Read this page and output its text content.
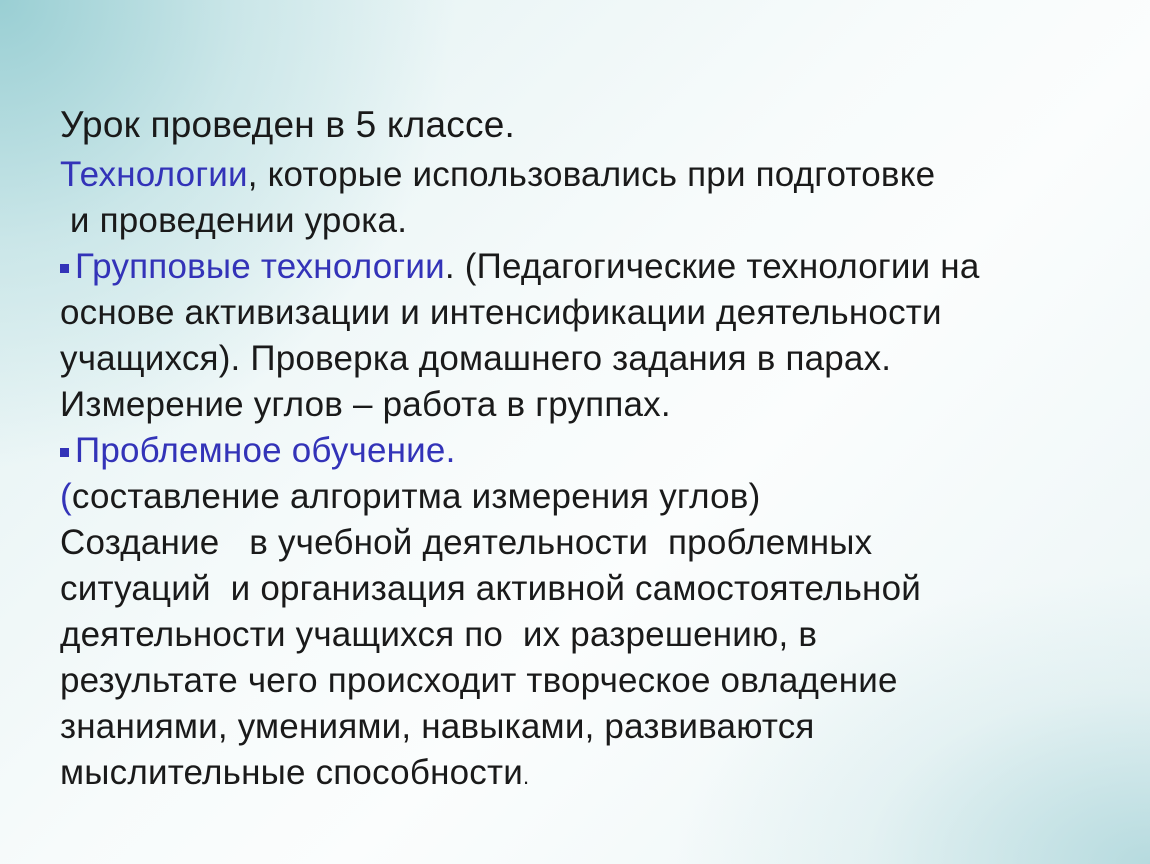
Урок проведен в 5 классе.
Технологии, которые использовались при подготовке
и проведении урока.
Групповые технологии. (Педагогические технологии на
основе активизации и интенсификации деятельности
учащихся). Проверка домашнего задания в парах.
Измерение углов – работа в группах.
Проблемное обучение.
(составление алгоритма измерения углов)
Создание   в учебной деятельности  проблемных
ситуаций  и организация активной самостоятельной
деятельности учащихся по  их разрешению, в
результате чего происходит творческое овладение
знаниями, умениями, навыками, развиваются
мыслительные способности.
